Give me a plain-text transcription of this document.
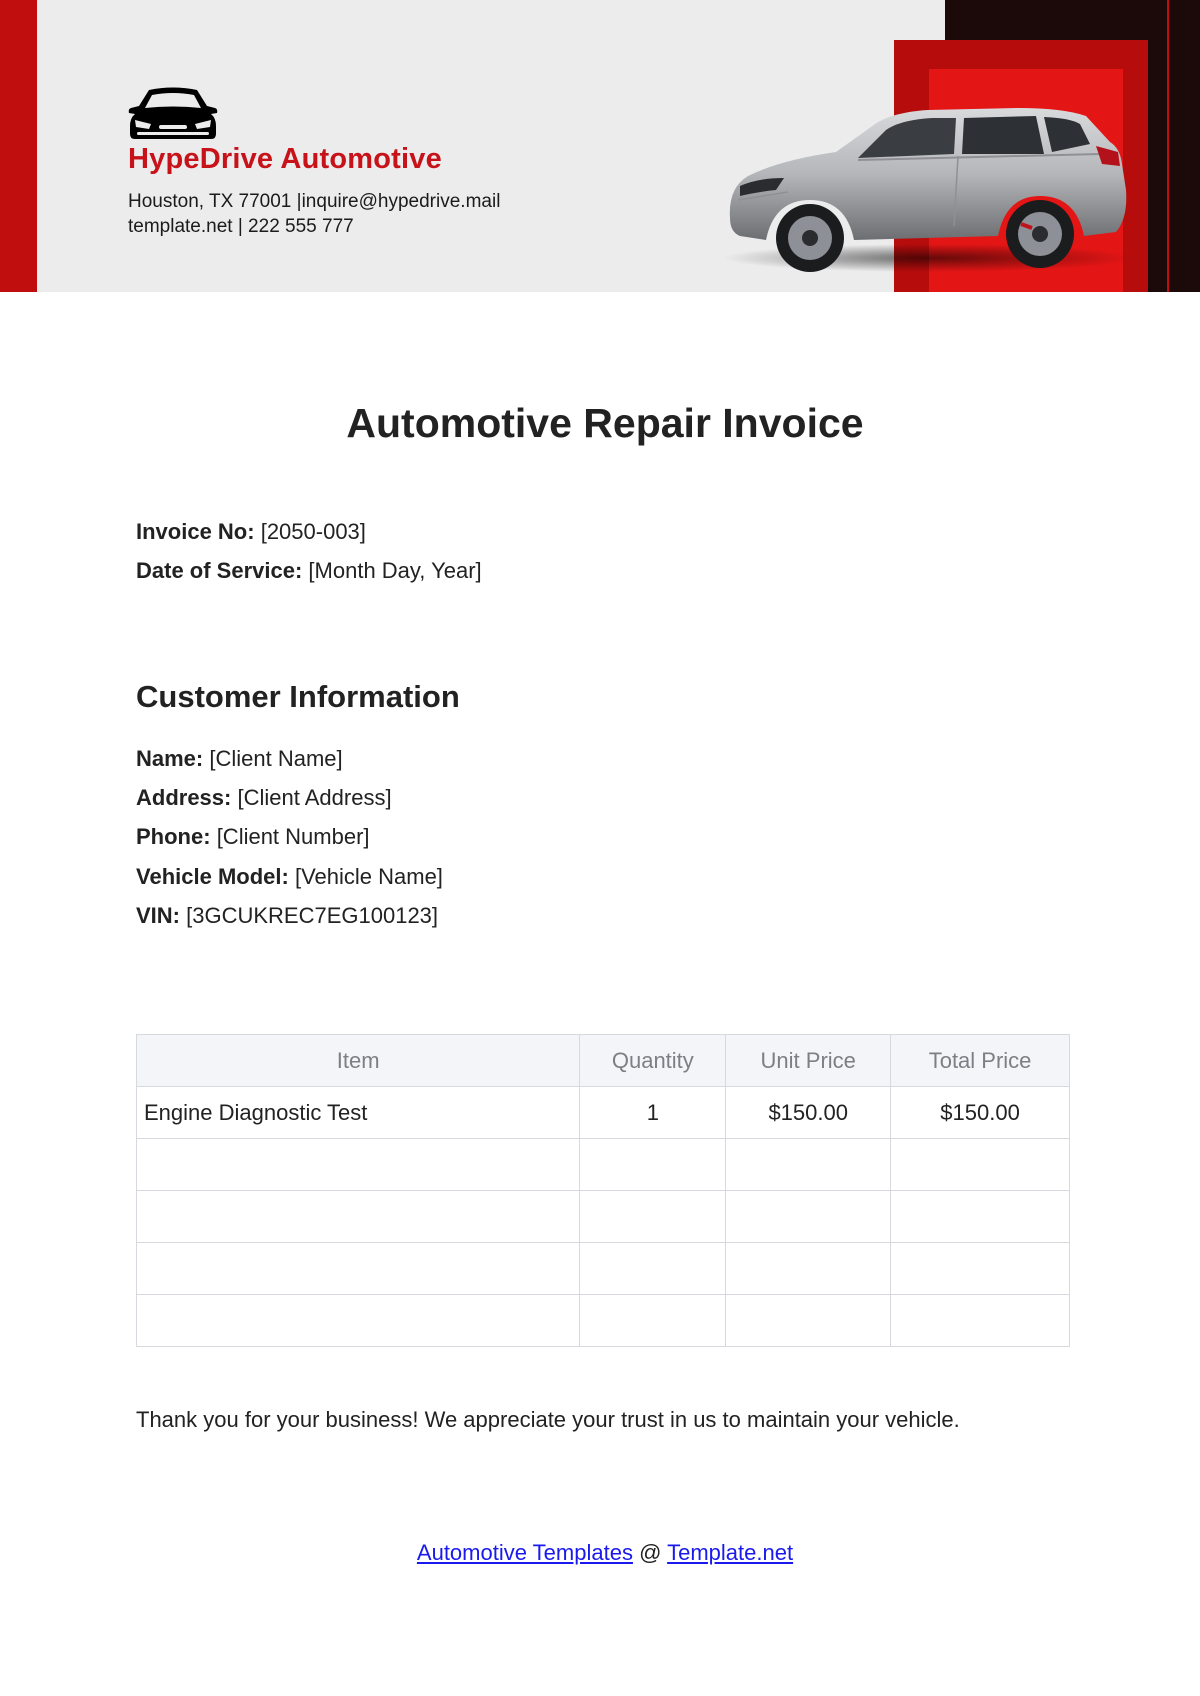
HypeDrive Automotive
Houston, TX 77001 |inquire@hypedrive.mail
template.net | 222 555 777
Automotive Repair Invoice
Invoice No: [2050-003]
Date of Service: [Month Day, Year]
Customer Information
Name: [Client Name]
Address: [Client Address]
Phone: [Client Number]
Vehicle Model: [Vehicle Name]
VIN: [3GCUKREC7EG100123]
Item	Quantity	Unit Price	Total Price
Engine Diagnostic Test	1	$150.00	$150.00

Thank you for your business! We appreciate your trust in us to maintain your vehicle.
Automotive Templates @ Template.net
